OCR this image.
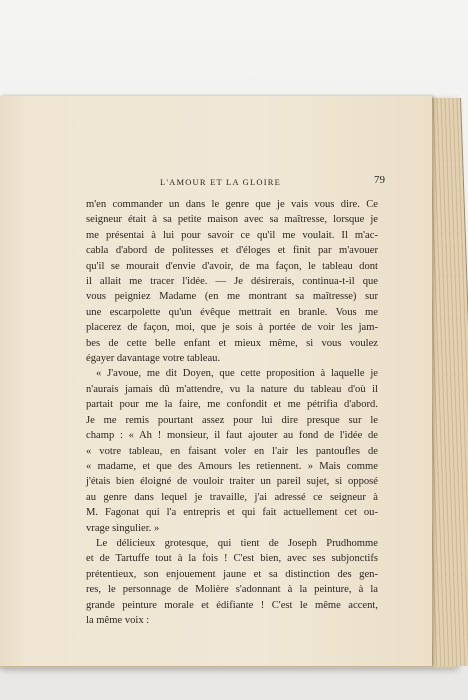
L'AMOUR ET LA GLOIRE	79
m'en commander un dans le genre que je vais vous dire. Ce
seigneur était à sa petite maison avec sa maîtresse, lorsque je
me présentai à lui pour savoir ce qu'il me voulait. Il m'ac-
cabla d'abord de politesses et d'éloges et finit par m'avouer
qu'il se mourait d'envie d'avoir, de ma façon, le tableau dont
il allait me tracer l'idée. — Je désirerais, continua-t-il que
vous peigniez Madame (en me montrant sa maîtresse) sur
une escarpolette qu'un évêque mettrait en branle. Vous me
placerez de façon, moi, que je sois à portée de voir les jam-
bes de cette belle enfant et mieux même, si vous voulez
égayer davantage votre tableau.
« J'avoue, me dit Doyen, que cette proposition à laquelle je
n'aurais jamais dû m'attendre, vu la nature du tableau d'où il
partait pour me la faire, me confondit et me pétrifia d'abord.
Je me remis pourtant assez pour lui dire presque sur le
champ : « Ah ! monsieur, il faut ajouter au fond de l'idée de
« votre tableau, en faisant voler en l'air les pantoufles de
« madame, et que des Amours les retiennent. » Mais comme
j'étais bien éloigné de vouloir traiter un pareil sujet, si opposé
au genre dans lequel je travaille, j'ai adressé ce seigneur à
M. Fagonat qui l'a entrepris et qui fait actuellement cet ou-
vrage singulier. »
Le délicieux grotesque, qui tient de Joseph Prudhomme
et de Tartuffe tout à la fois ! C'est bien, avec ses subjonctifs
prétentieux, son enjouement jaune et sa distinction des gen-
res, le personnage de Molière s'adonnant à la peinture, à la
grande peinture morale et édifiante ! C'est le même accent,
la même voix :
